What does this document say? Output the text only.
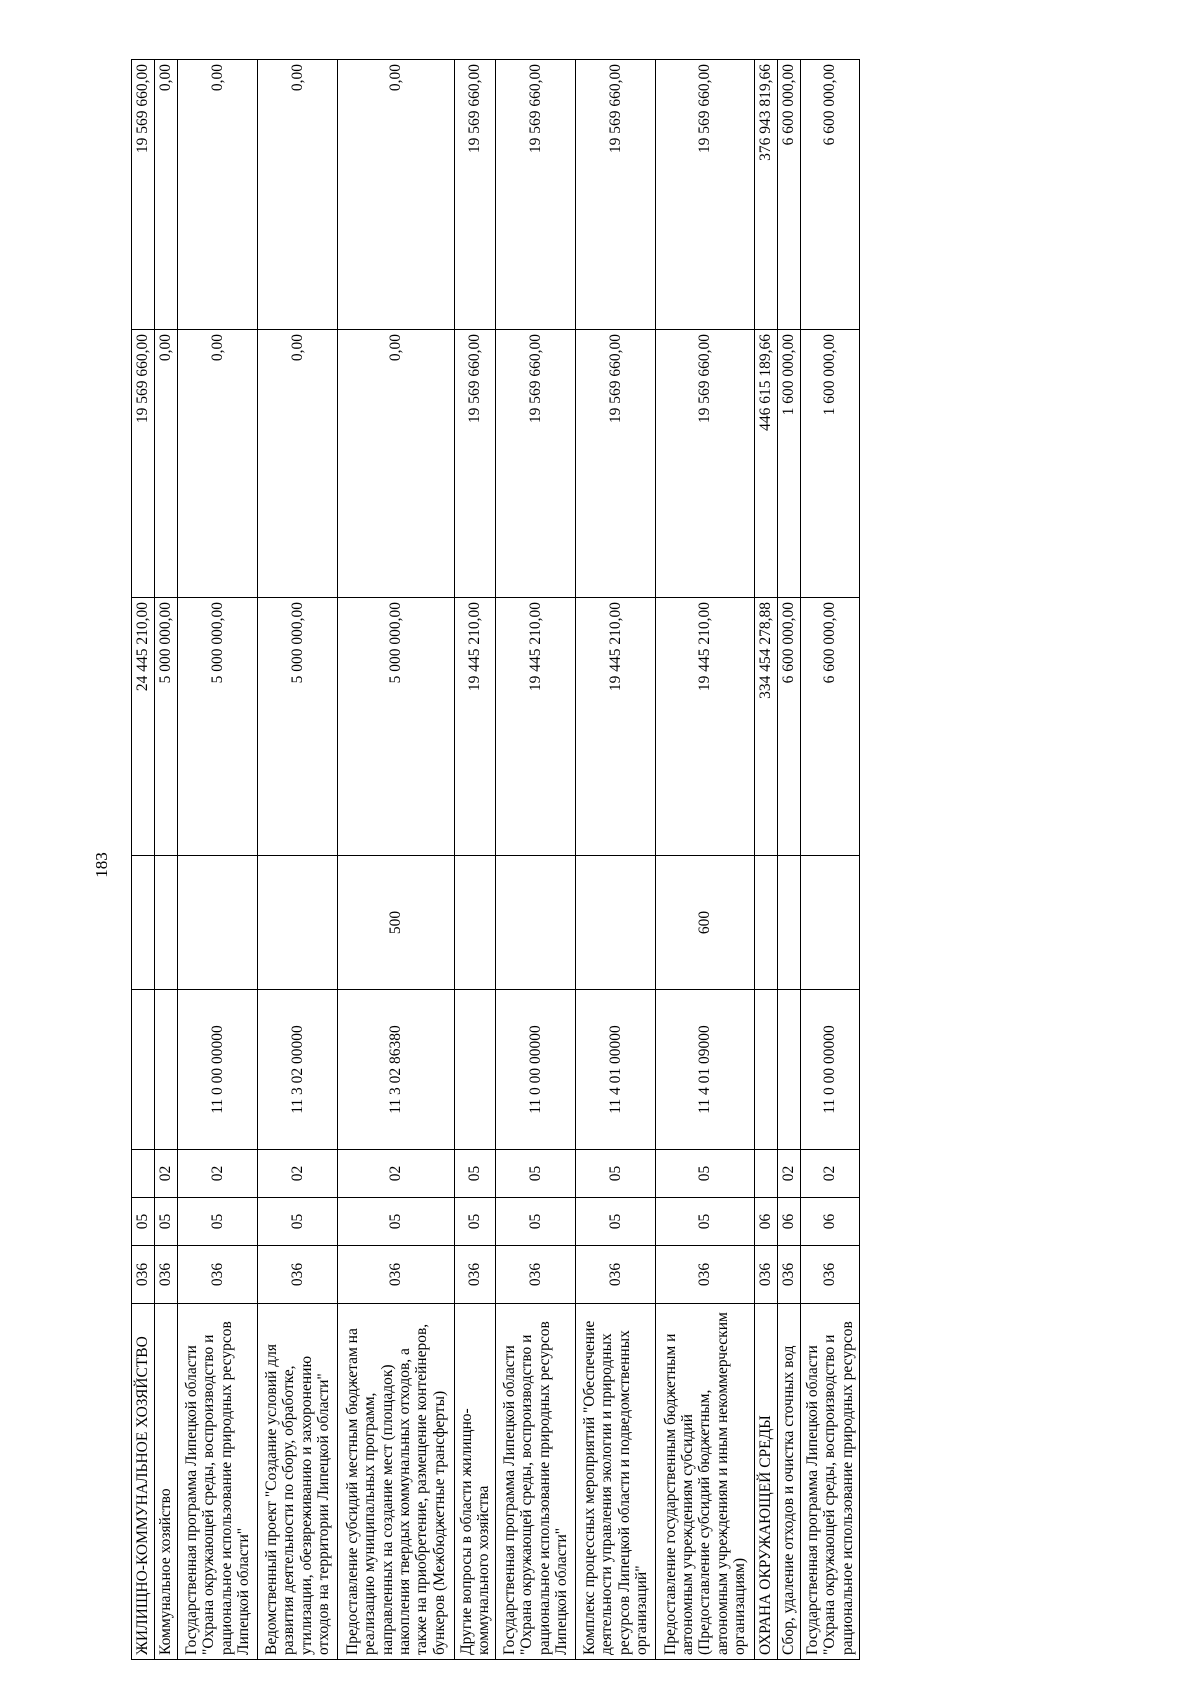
183
ЖИЛИЩНО-КОММУНАЛЬНОЕ ХОЗЯЙСТВО	036	05				24 445 210,00	19 569 660,00	19 569 660,00
Коммунальное хозяйство	036	05	02			5 000 000,00	0,00	0,00
Государственная программа Липецкой области "Охрана окружающей среды, воспроизводство и рациональное использование природных ресурсов Липецкой области"	036	05	02	11 0 00 00000		5 000 000,00	0,00	0,00
Ведомственный проект "Создание условий для развития деятельности по сбору, обработке, утилизации, обезвреживанию и захоронению отходов на территории Липецкой области"	036	05	02	11 3 02 00000		5 000 000,00	0,00	0,00
Предоставление субсидий местным бюджетам на реализацию муниципальных программ, направленных на создание мест (площадок) накопления твердых коммунальных отходов, а также на приобретение, размещение контейнеров, бункеров (Межбюджетные трансферты)	036	05	02	11 3 02 86380	500	5 000 000,00	0,00	0,00
Другие вопросы в области жилищно-коммунального хозяйства	036	05	05			19 445 210,00	19 569 660,00	19 569 660,00
Государственная программа Липецкой области "Охрана окружающей среды, воспроизводство и рациональное использование природных ресурсов Липецкой области"	036	05	05	11 0 00 00000		19 445 210,00	19 569 660,00	19 569 660,00
Комплекс процессных мероприятий "Обеспечение деятельности управления экологии и природных ресурсов Липецкой области и подведомственных организаций"	036	05	05	11 4 01 00000		19 445 210,00	19 569 660,00	19 569 660,00
Предоставление государственным бюджетным и автономным учреждениям субсидий (Предоставление субсидий бюджетным, автономным учреждениям и иным некоммерческим организациям)	036	05	05	11 4 01 09000	600	19 445 210,00	19 569 660,00	19 569 660,00
ОХРАНА ОКРУЖАЮЩЕЙ СРЕДЫ	036	06				334 454 278,88	446 615 189,66	376 943 819,66
Сбор, удаление отходов и очистка сточных вод	036	06	02			6 600 000,00	1 600 000,00	6 600 000,00
Государственная программа Липецкой области "Охрана окружающей среды, воспроизводство и рациональное использование природных ресурсов	036	06	02	11 0 00 00000		6 600 000,00	1 600 000,00	6 600 000,00
